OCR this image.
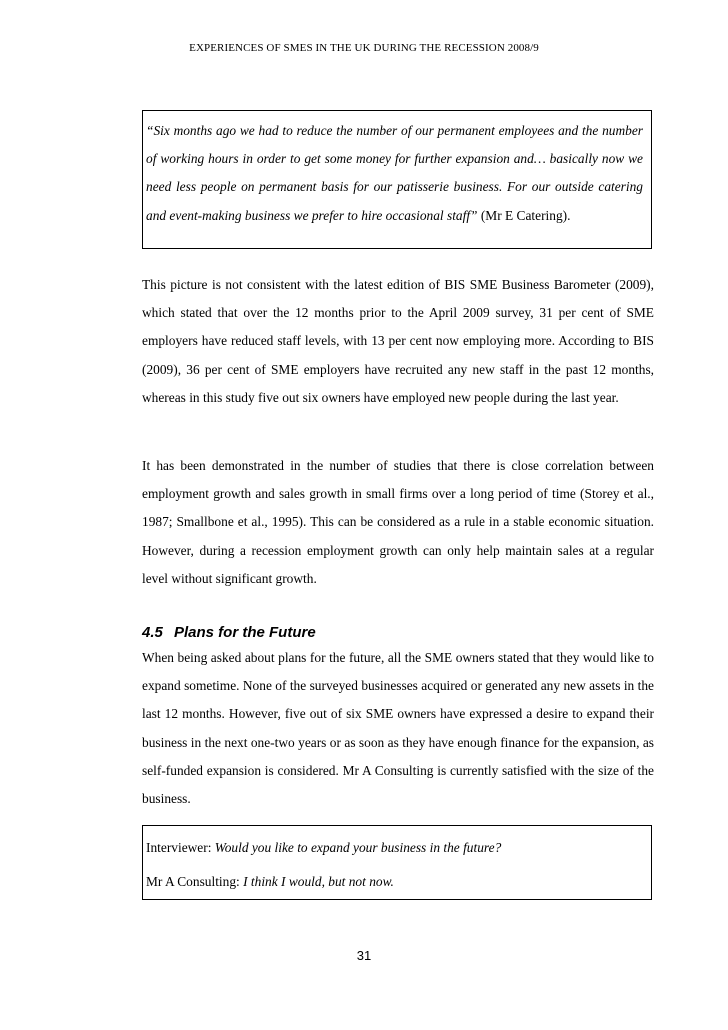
EXPERIENCES OF SMES IN THE UK DURING THE RECESSION 2008/9

“Six months ago we had to reduce the number of our permanent employees and the number of working hours in order to get some money for further expansion and… basically now we need less people on permanent basis for our patisserie business. For our outside catering and event-making business we prefer to hire occasional staff” (Mr E Catering).

This picture is not consistent with the latest edition of BIS SME Business Barometer (2009), which stated that over the 12 months prior to the April 2009 survey, 31 per cent of SME employers have reduced staff levels, with 13 per cent now employing more. According to BIS (2009), 36 per cent of SME employers have recruited any new staff in the past 12 months, whereas in this study five out six owners have employed new people during the last year.

It has been demonstrated in the number of studies that there is close correlation between employment growth and sales growth in small firms over a long period of time (Storey et al., 1987; Smallbone et al., 1995). This can be considered as a rule in a stable economic situation. However, during a recession employment growth can only help maintain sales at a regular level without significant growth.

4.5 Plans for the Future

When being asked about plans for the future, all the SME owners stated that they would like to expand sometime. None of the surveyed businesses acquired or generated any new assets in the last 12 months. However, five out of six SME owners have expressed a desire to expand their business in the next one-two years or as soon as they have enough finance for the expansion, as self-funded expansion is considered. Mr A Consulting is currently satisfied with the size of the business.

Interviewer: Would you like to expand your business in the future?

Mr A Consulting: I think I would, but not now.

31
